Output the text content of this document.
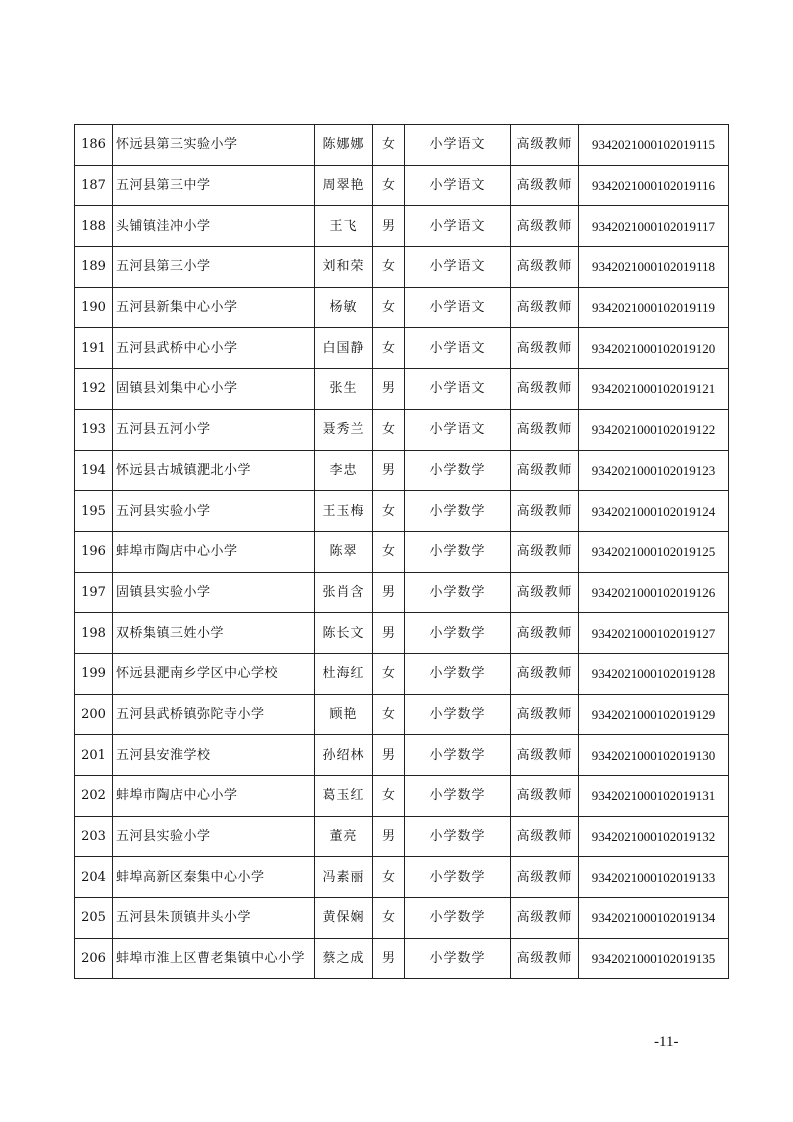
186	怀远县第三实验小学	陈娜娜	女	小学语文	高级教师	9342021000102019115
187	五河县第三中学	周翠艳	女	小学语文	高级教师	9342021000102019116
188	头铺镇洼冲小学	王飞	男	小学语文	高级教师	9342021000102019117
189	五河县第三小学	刘和荣	女	小学语文	高级教师	9342021000102019118
190	五河县新集中心小学	杨敏	女	小学语文	高级教师	9342021000102019119
191	五河县武桥中心小学	白国静	女	小学语文	高级教师	9342021000102019120
192	固镇县刘集中心小学	张生	男	小学语文	高级教师	9342021000102019121
193	五河县五河小学	聂秀兰	女	小学语文	高级教师	9342021000102019122
194	怀远县古城镇淝北小学	李忠	男	小学数学	高级教师	9342021000102019123
195	五河县实验小学	王玉梅	女	小学数学	高级教师	9342021000102019124
196	蚌埠市陶店中心小学	陈翠	女	小学数学	高级教师	9342021000102019125
197	固镇县实验小学	张肖含	男	小学数学	高级教师	9342021000102019126
198	双桥集镇三姓小学	陈长文	男	小学数学	高级教师	9342021000102019127
199	怀远县淝南乡学区中心学校	杜海红	女	小学数学	高级教师	9342021000102019128
200	五河县武桥镇弥陀寺小学	顾艳	女	小学数学	高级教师	9342021000102019129
201	五河县安淮学校	孙绍林	男	小学数学	高级教师	9342021000102019130
202	蚌埠市陶店中心小学	葛玉红	女	小学数学	高级教师	9342021000102019131
203	五河县实验小学	董亮	男	小学数学	高级教师	9342021000102019132
204	蚌埠高新区秦集中心小学	冯素丽	女	小学数学	高级教师	9342021000102019133
205	五河县朱顶镇井头小学	黄保娴	女	小学数学	高级教师	9342021000102019134
206	蚌埠市淮上区曹老集镇中心小学	蔡之成	男	小学数学	高级教师	9342021000102019135
-11-
